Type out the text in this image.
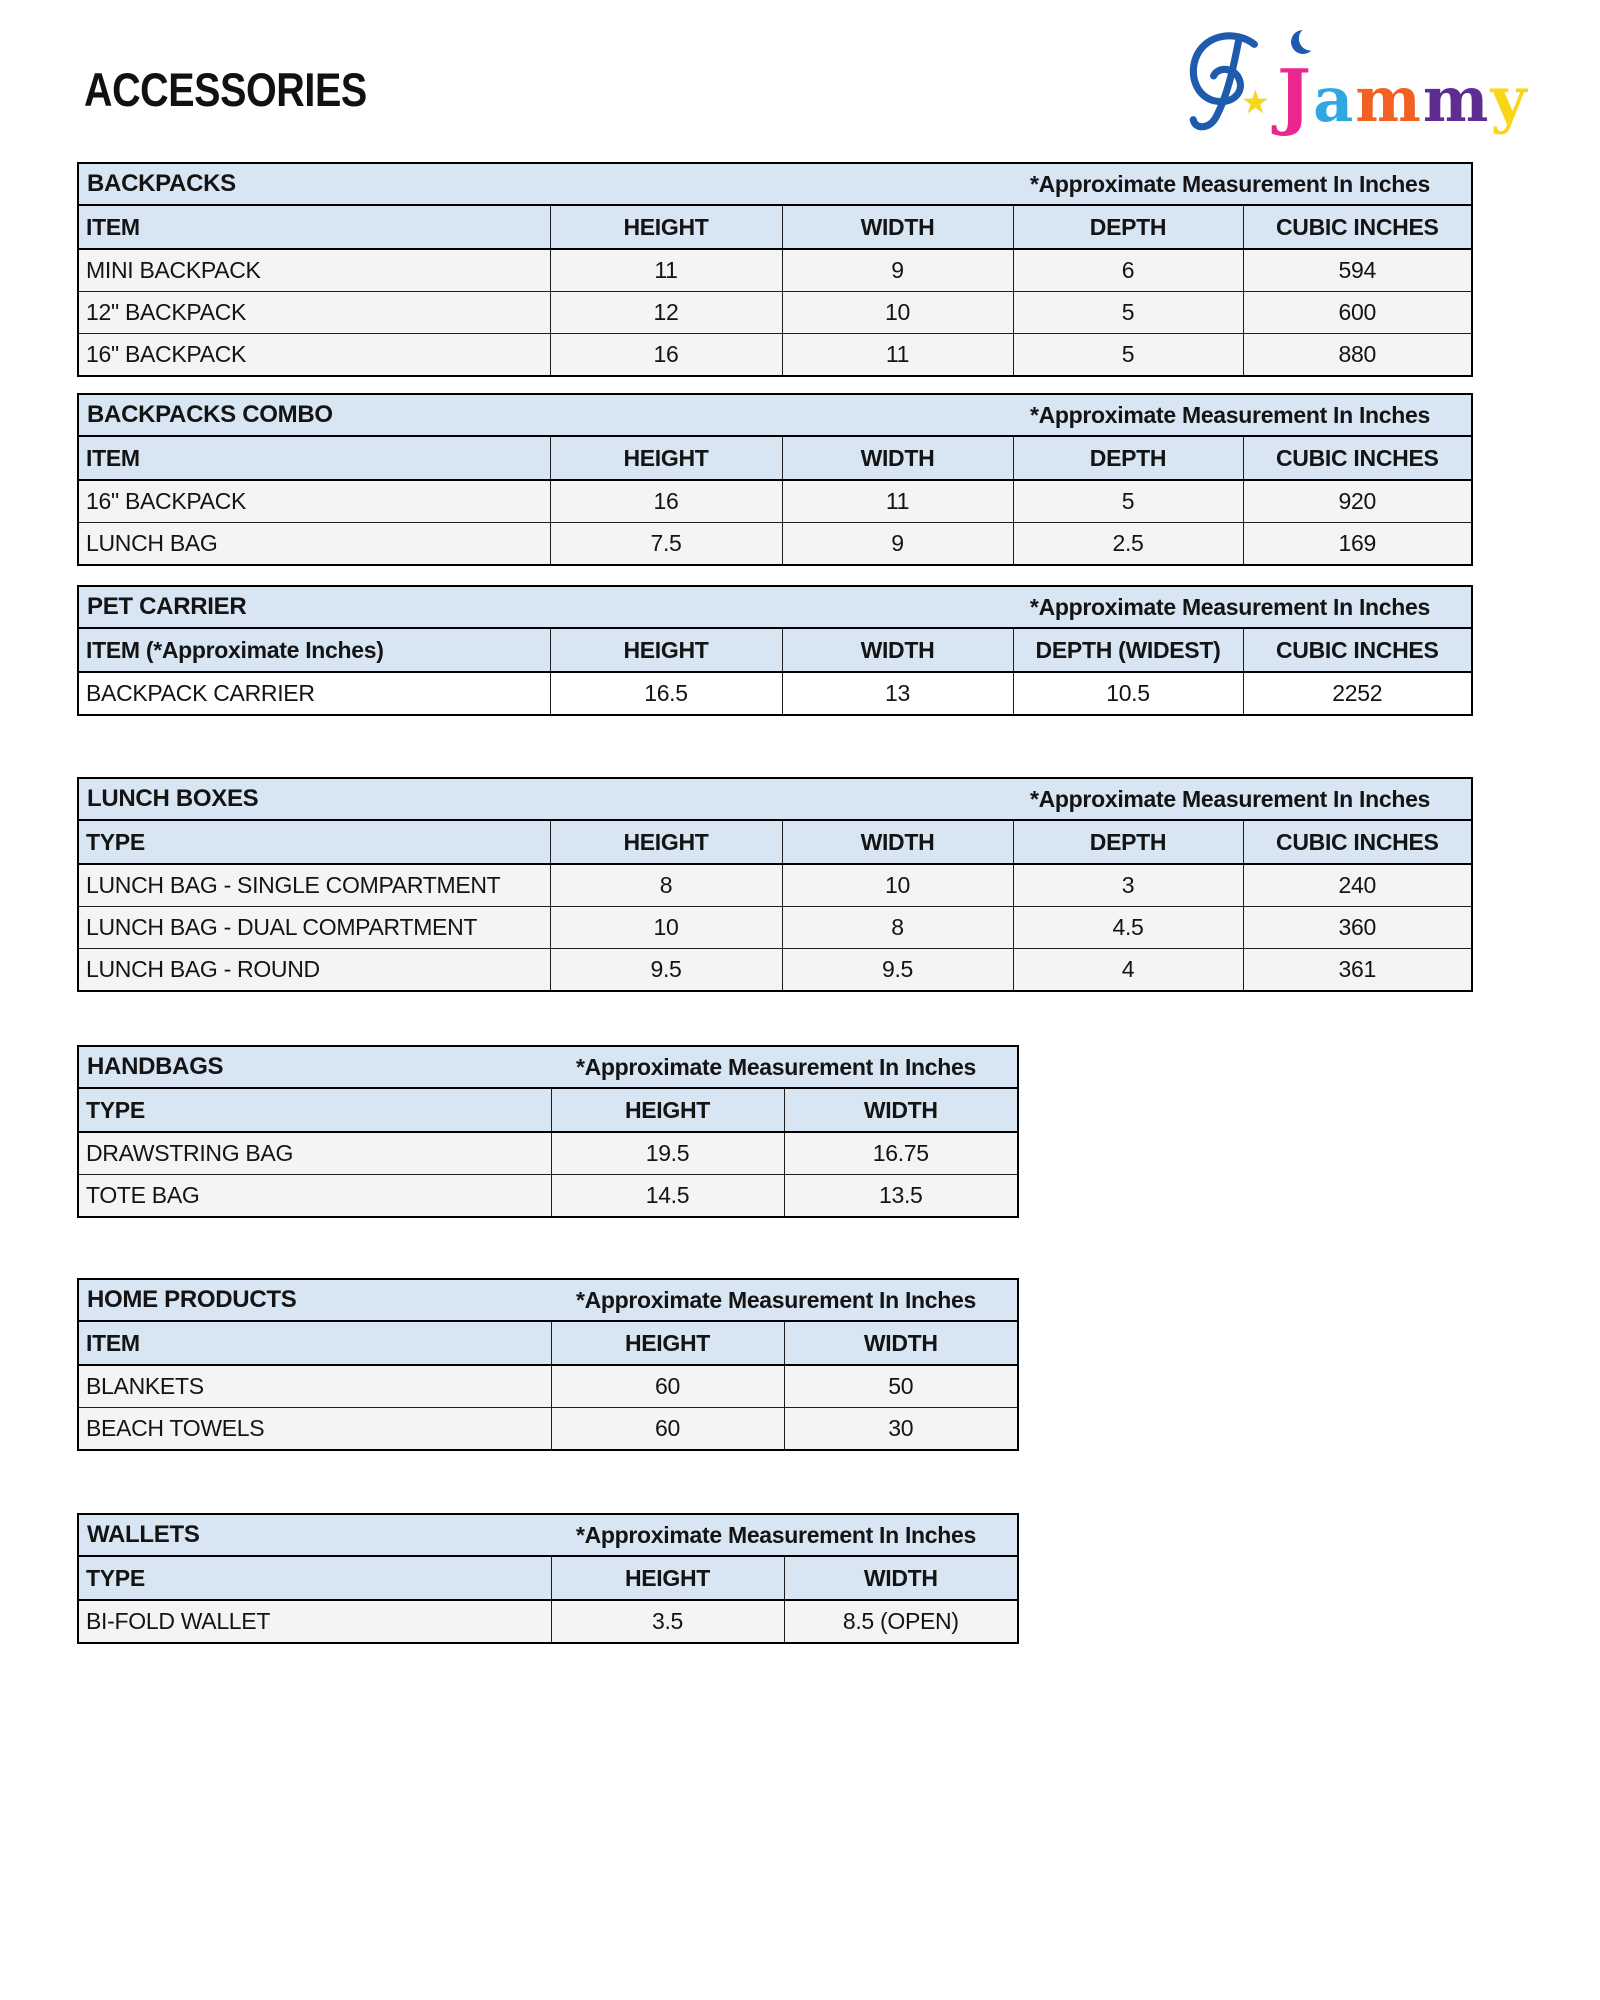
ACCESSORIES	★ Jammy
BACKPACKS *Approximate Measurement In Inches				

ITEM	HEIGHT	WIDTH	DEPTH	CUBIC INCHES
MINI BACKPACK	11	9	6	594
12" BACKPACK	12	10	5	600
16" BACKPACK	16	11	5	880
BACKPACKS COMBO *Approximate Measurement In Inches				

ITEM	HEIGHT	WIDTH	DEPTH	CUBIC INCHES
16" BACKPACK	16	11	5	920
LUNCH BAG	7.5	9	2.5	169
PET CARRIER *Approximate Measurement In Inches				

ITEM (*Approximate Inches)	HEIGHT	WIDTH	DEPTH (WIDEST)	CUBIC INCHES
BACKPACK CARRIER	16.5	13	10.5	2252
LUNCH BOXES *Approximate Measurement In Inches				

TYPE	HEIGHT	WIDTH	DEPTH	CUBIC INCHES
LUNCH BAG - SINGLE COMPARTMENT	8	10	3	240
LUNCH BAG - DUAL COMPARTMENT	10	8	4.5	360
LUNCH BAG - ROUND	9.5	9.5	4	361
HANDBAGS *Approximate Measurement In Inches		

TYPE	HEIGHT	WIDTH
DRAWSTRING BAG	19.5	16.75
TOTE BAG	14.5	13.5
HOME PRODUCTS *Approximate Measurement In Inches		

ITEM	HEIGHT	WIDTH
BLANKETS	60	50
BEACH TOWELS	60	30
WALLETS *Approximate Measurement In Inches		

TYPE	HEIGHT	WIDTH
BI-FOLD WALLET	3.5	8.5 (OPEN)
